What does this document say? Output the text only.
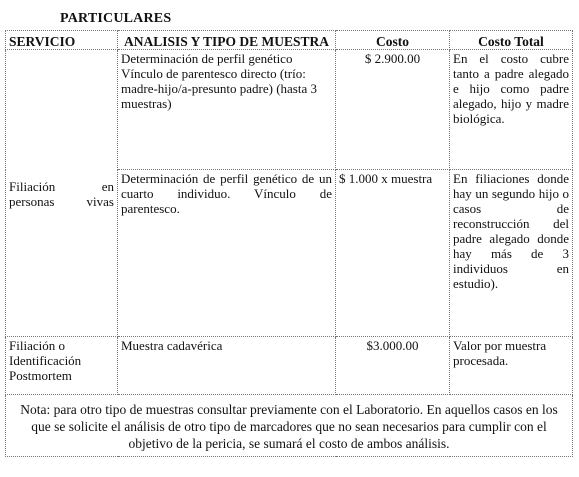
PARTICULARES
SERVICIO	ANALISIS Y TIPO DE MUESTRA	Costo	Costo Total
Filiación en personas vivas	Determinación de perfil genético Vínculo de parentesco directo (trío: madre-hijo/a-presunto padre) (hasta 3 muestras)	$ 2.900.00	En el costo cubre tanto a padre alegado e hijo como padre alegado, hijo y madre biológica.
	Determinación de perfil genético de un cuarto individuo. Vínculo de parentesco.	$ 1.000 x muestra	En filiaciones donde hay un segundo hijo o casos de reconstrucción del padre alegado donde hay más de 3 individuos en estudio).
Filiación o Identificación Postmortem	Muestra cadavérica	$3.000.00	Valor por muestra procesada.
Nota: para otro tipo de muestras consultar previamente con el Laboratorio. En aquellos casos en los que se solicite el análisis de otro tipo de marcadores que no sean necesarios para cumplir con el objetivo de la pericia, se sumará el costo de ambos análisis.			
